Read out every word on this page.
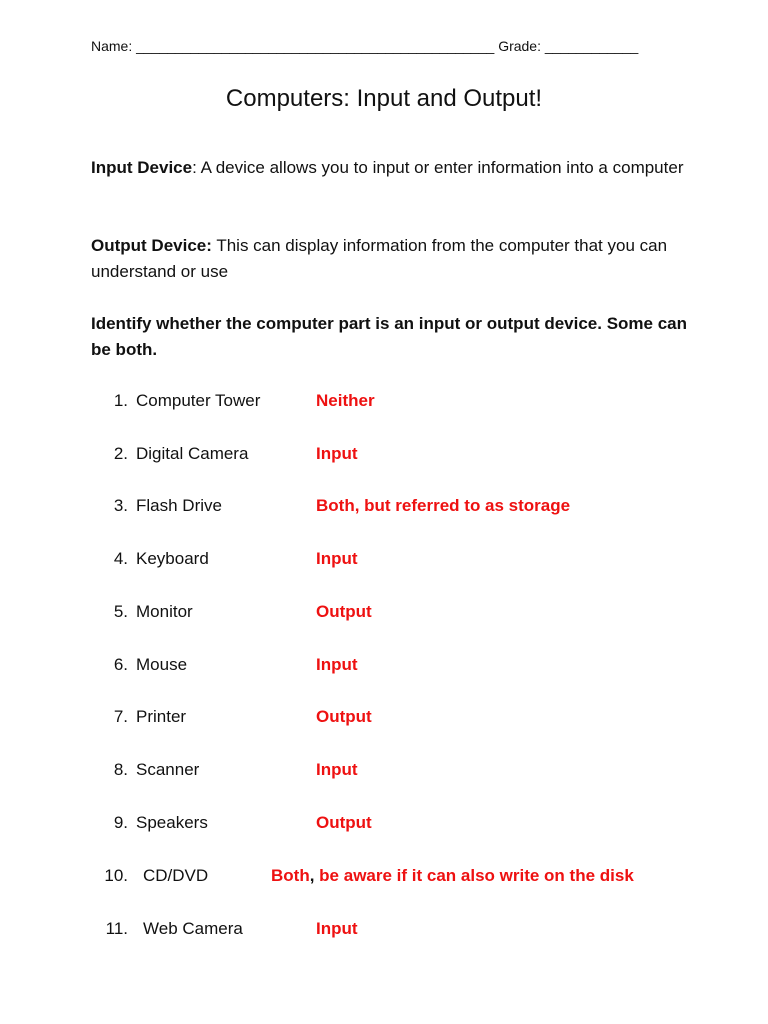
Name: ______________________________________________ Grade: ____________
Computers: Input and Output!

Input Device: A device allows you to input or enter information into a computer

Output Device: This can display information from the computer that you can understand or use

Identify whether the computer part is an input or output device. Some can be both.

1. Computer Tower	Neither
2. Digital Camera	Input
3. Flash Drive	Both, but referred to as storage
4. Keyboard	Input
5. Monitor	Output
6. Mouse	Input
7. Printer	Output
8. Scanner	Input
9. Speakers	Output
10. CD/DVD	Both, be aware if it can also write on the disk
11. Web Camera	Input
